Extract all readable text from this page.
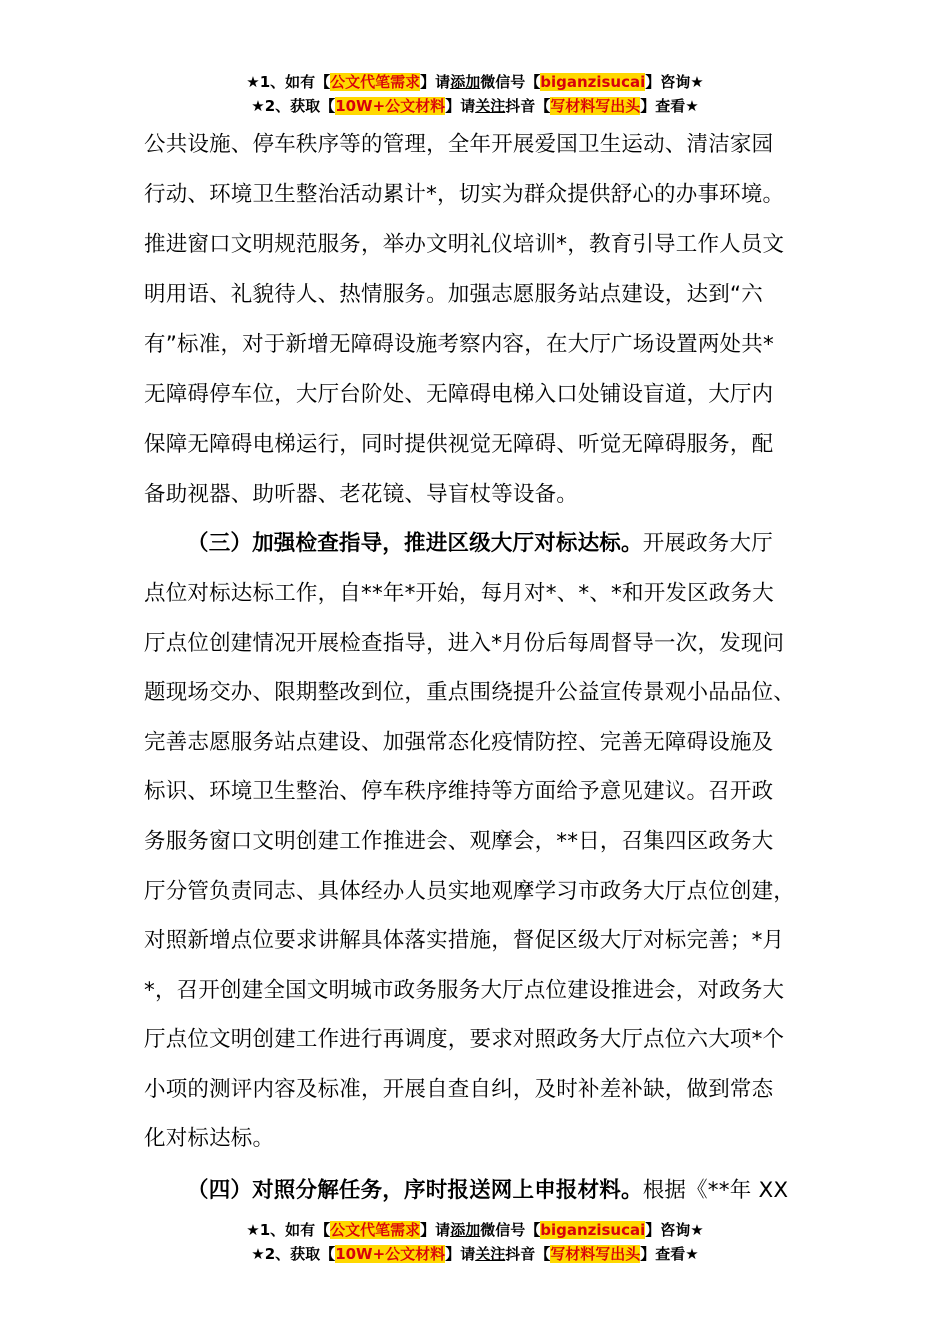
★1、如有【公文代笔需求】请添加微信号【biganzisucai】咨询★
★2、获取【10W+公文材料】请关注抖音【写材料写出头】查看★
公共设施、停车秩序等的管理，全年开展爱国卫生运动、清洁家园
行动、环境卫生整治活动累计*，切实为群众提供舒心的办事环境。
推进窗口文明规范服务，举办文明礼仪培训*，教育引导工作人员文
明用语、礼貌待人、热情服务。加强志愿服务站点建设，达到“六
有”标准，对于新增无障碍设施考察内容，在大厅广场设置两处共*
无障碍停车位，大厅台阶处、无障碍电梯入口处铺设盲道，大厅内
保障无障碍电梯运行，同时提供视觉无障碍、听觉无障碍服务，配
备助视器、助听器、老花镜、导盲杖等设备。
（三）加强检查指导，推进区级大厅对标达标。开展政务大厅
点位对标达标工作，自**年*开始，每月对*、*、*和开发区政务大
厅点位创建情况开展检查指导，进入*月份后每周督导一次，发现问
题现场交办、限期整改到位，重点围绕提升公益宣传景观小品品位、
完善志愿服务站点建设、加强常态化疫情防控、完善无障碍设施及
标识、环境卫生整治、停车秩序维持等方面给予意见建议。召开政
务服务窗口文明创建工作推进会、观摩会，**日，召集四区政务大
厅分管负责同志、具体经办人员实地观摩学习市政务大厅点位创建，
对照新增点位要求讲解具体落实措施，督促区级大厅对标完善；*月
*，召开创建全国文明城市政务服务大厅点位建设推进会，对政务大
厅点位文明创建工作进行再调度，要求对照政务大厅点位六大项*个
小项的测评内容及标准，开展自查自纠，及时补差补缺，做到常态
化对标达标。
（四）对照分解任务，序时报送网上申报材料。根据《**年 XX
★1、如有【公文代笔需求】请添加微信号【biganzisucai】咨询★
★2、获取【10W+公文材料】请关注抖音【写材料写出头】查看★
